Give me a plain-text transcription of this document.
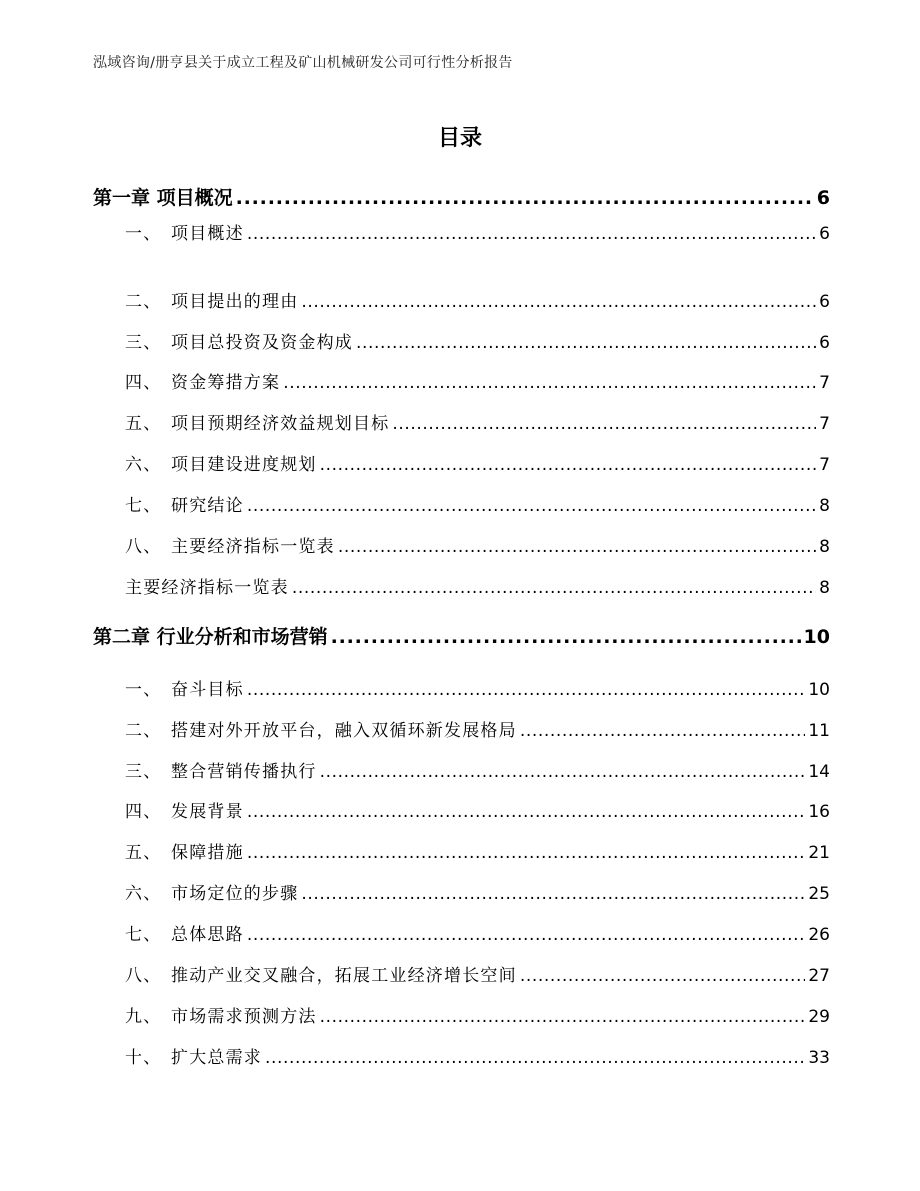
泓域咨询/册亨县关于成立工程及矿山机械研发公司可行性分析报告
目录
第一章 项目概况 .....	6
一、 项目概述 .....	6
二、 项目提出的理由 .....	6
三、 项目总投资及资金构成 .....	6
四、 资金筹措方案 .....	7
五、 项目预期经济效益规划目标 .....	7
六、 项目建设进度规划 .....	7
七、 研究结论 .....	8
八、 主要经济指标一览表 .....	8
主要经济指标一览表 .....	8
第二章 行业分析和市场营销 .....	10
一、 奋斗目标 .....	10
二、 搭建对外开放平台，融入双循环新发展格局 .....	11
三、 整合营销传播执行 .....	14
四、 发展背景 .....	16
五、 保障措施 .....	21
六、 市场定位的步骤 .....	25
七、 总体思路 .....	26
八、 推动产业交叉融合，拓展工业经济增长空间 .....	27
九、 市场需求预测方法 .....	29
十、 扩大总需求 .....	33
